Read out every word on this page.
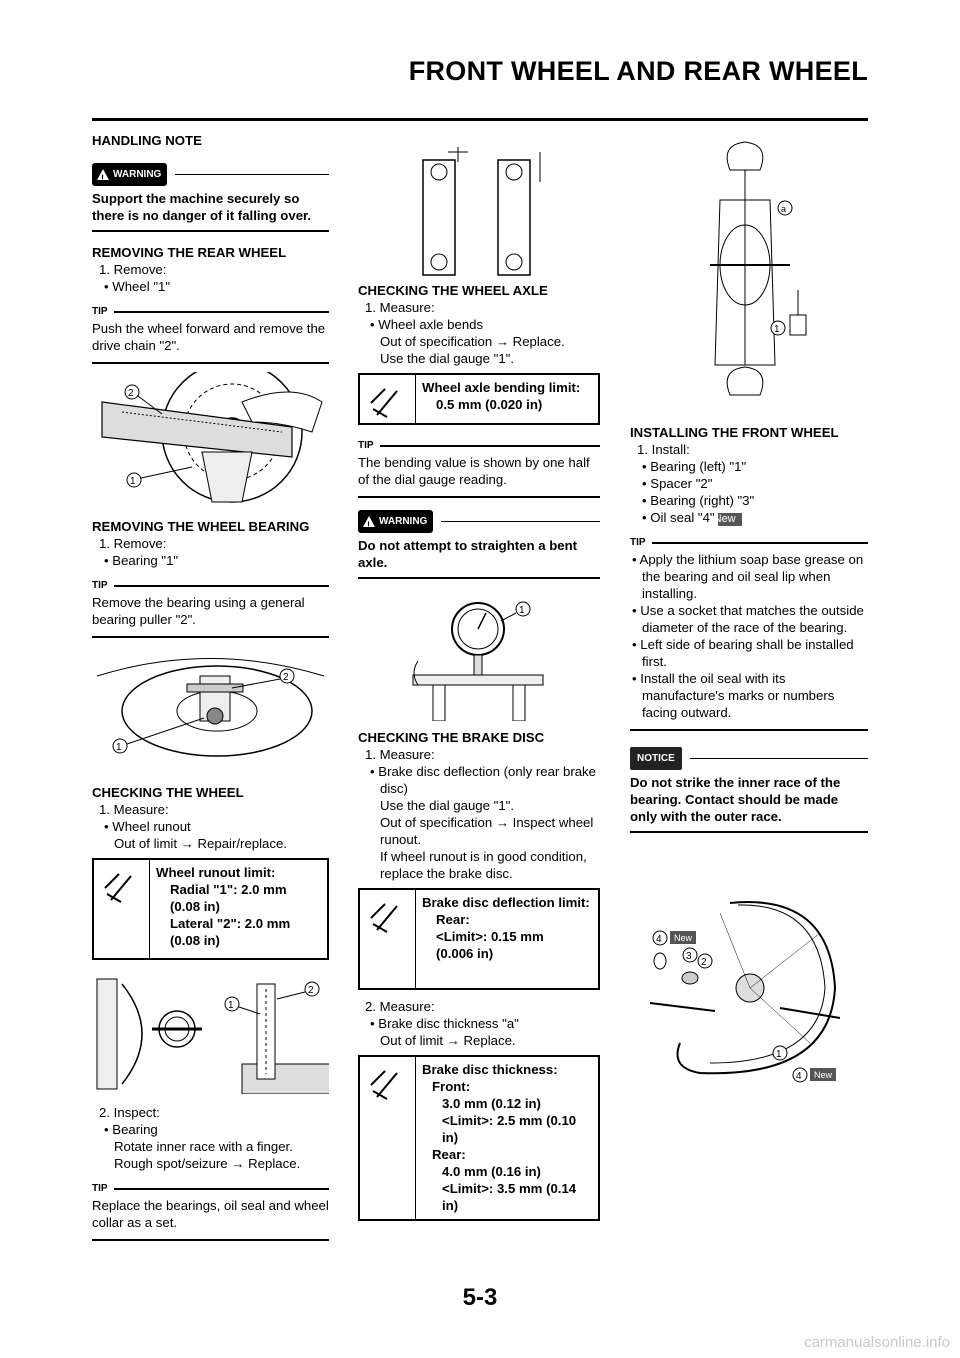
FRONT WHEEL AND REAR WHEEL
HANDLING NOTE
!
WARNING
Support the machine securely so there is no danger of it falling over.
REMOVING THE REAR WHEEL
1. Remove:
• Wheel "1"
TIP
Push the wheel forward and remove the drive chain "2".
2
1
REMOVING THE WHEEL BEARING
1. Remove:
• Bearing "1"
TIP
Remove the bearing using a general bearing puller "2".
2
1
CHECKING THE WHEEL
1. Measure:
• Wheel runout
Out of limit → Repair/replace.
Wheel runout limit:
Radial "1": 2.0 mm
(0.08 in)
Lateral "2": 2.0 mm
(0.08 in)
1
2
2. Inspect:
• Bearing
Rotate inner race with a finger.
Rough spot/seizure → Replace.
TIP
Replace the bearings, oil seal and wheel collar as a set.
CHECKING THE WHEEL AXLE
1. Measure:
• Wheel axle bends
Out of specification → Replace.
Use the dial gauge "1".
Wheel axle bending limit:
0.5 mm (0.020 in)
TIP
The bending value is shown by one half of the dial gauge reading.
!
WARNING
Do not attempt to straighten a bent axle.
1
CHECKING THE BRAKE DISC
1. Measure:
• Brake disc deflection (only rear brake disc)
Use the dial gauge "1".
Out of specification → Inspect wheel runout.
If wheel runout is in good condition, replace the brake disc.
Brake disc deflection limit:
Rear:
<Limit>: 0.15 mm
(0.006 in)
2. Measure:
• Brake disc thickness "a"
Out of limit → Replace.
Brake disc thickness:
Front:
3.0 mm (0.12 in)
<Limit>: 2.5 mm (0.10
in)
Rear:
4.0 mm (0.16 in)
<Limit>: 3.5 mm (0.14
in)
a
1
INSTALLING THE FRONT WHEEL
1. Install:
• Bearing (left) "1"
• Spacer "2"
• Bearing (right) "3"
• Oil seal "4"New
TIP
• Apply the lithium soap base grease on the bearing and oil seal lip when installing.
• Use a socket that matches the outside diameter of the race of the bearing.
• Left side of bearing shall be installed first.
• Install the oil seal with its manufacture's marks or numbers facing outward.
NOTICE
Do not strike the inner race of the bearing. Contact should be made only with the outer race.
4 New
3
2
1
4 New
5-3
carmanualsonline.info
